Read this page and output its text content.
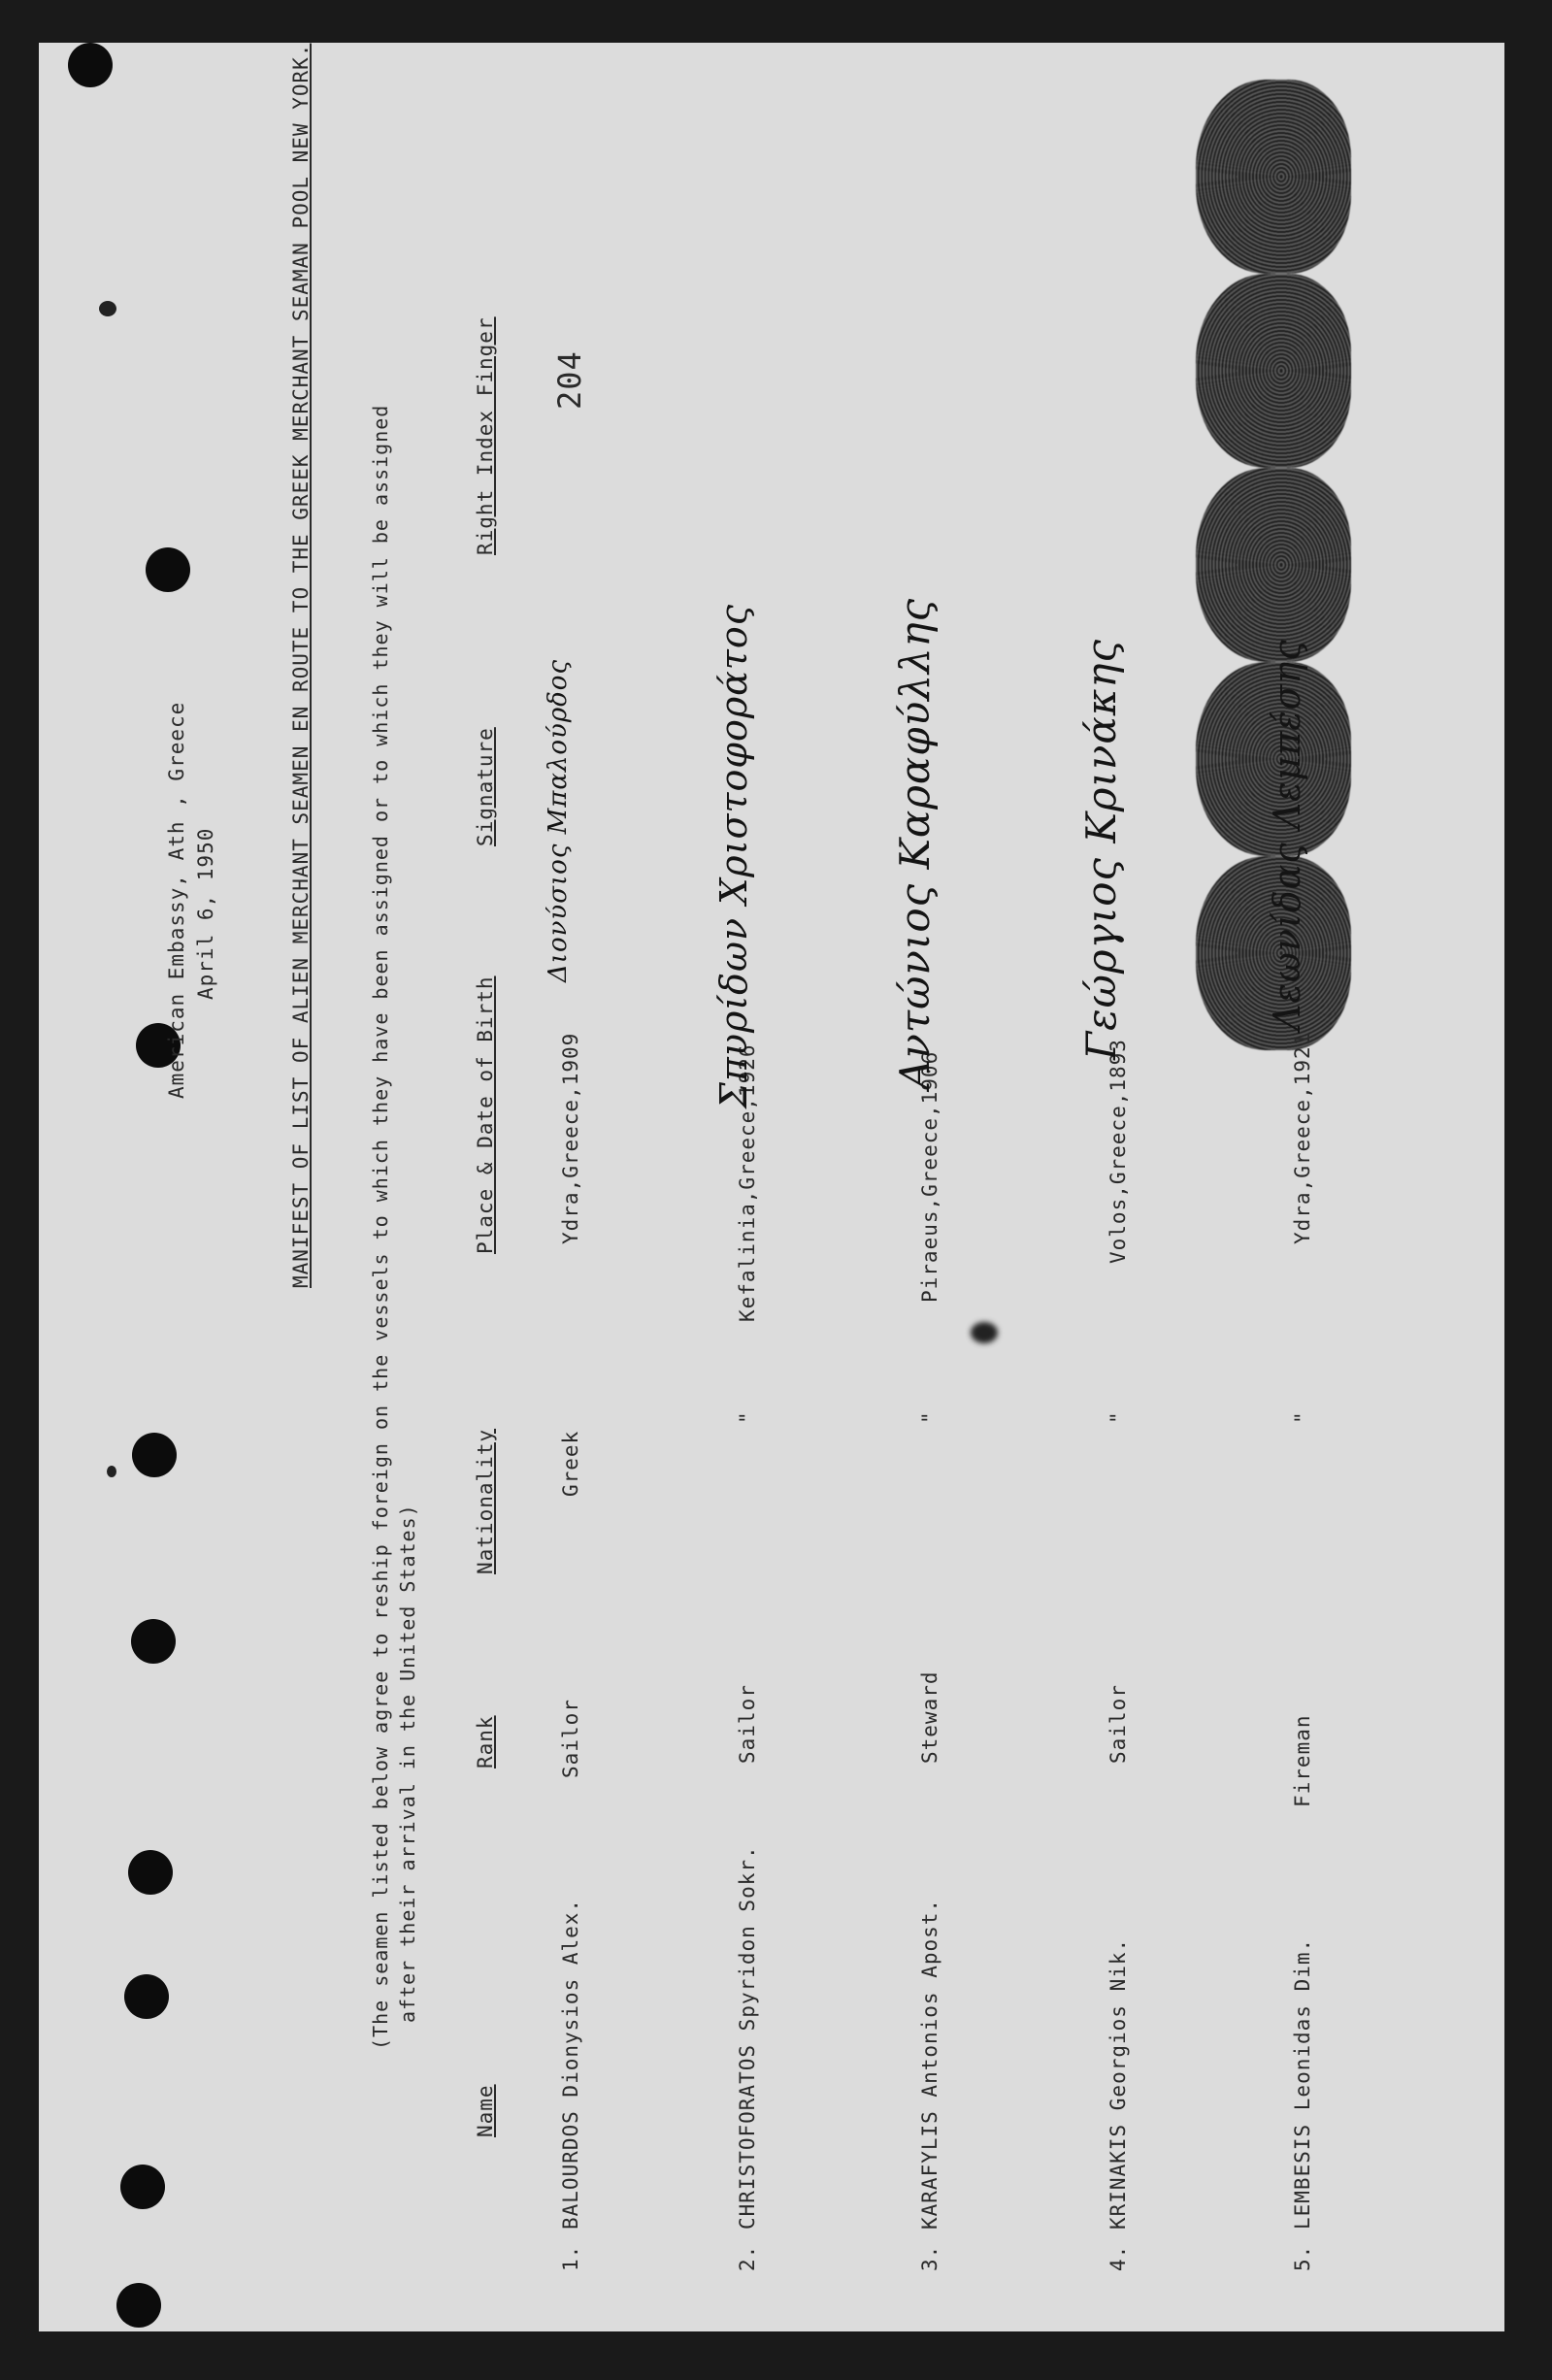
American Embassy, Ath , Greece April 6, 1950	MANIFEST OF LIST OF ALIEN MERCHANT SEAMEN EN ROUTE TO THE GREEK MERCHANT SEAMAN POOL NEW YORK.	(The seamen listed below agree to reship foreign on the vessels to which they have been assigned or to which they will be assigned after their arrival in the United States)
Name
Rank
Nationality
Place & Date of Birth
Signature
Right Index Finger
1.
BALOURDOS Dionysios Alex.
Sailor
Greek
Ydra,Greece,1909
Διονύσιος Μπαλούρδος
204
2.
CHRISTOFORATOS Spyridon Sokr.
Sailor
"
Kefalinia,Greece,1926
Σπυρίδων Χριστοφοράτος
3.
KARAFYLIS Antonios Apost.
Steward
"
Piraeus,Greece,1906
Αντώνιος Καραφύλλης
4.
KRINAKIS Georgios Nik.
Sailor
"
Volos,Greece,1893
Γεώργιος Κρινάκης
5.
LEMBESIS Leonidas Dim.
Fireman
"
Ydra,Greece,1921
Λεωνίδας Λεμπέσης
